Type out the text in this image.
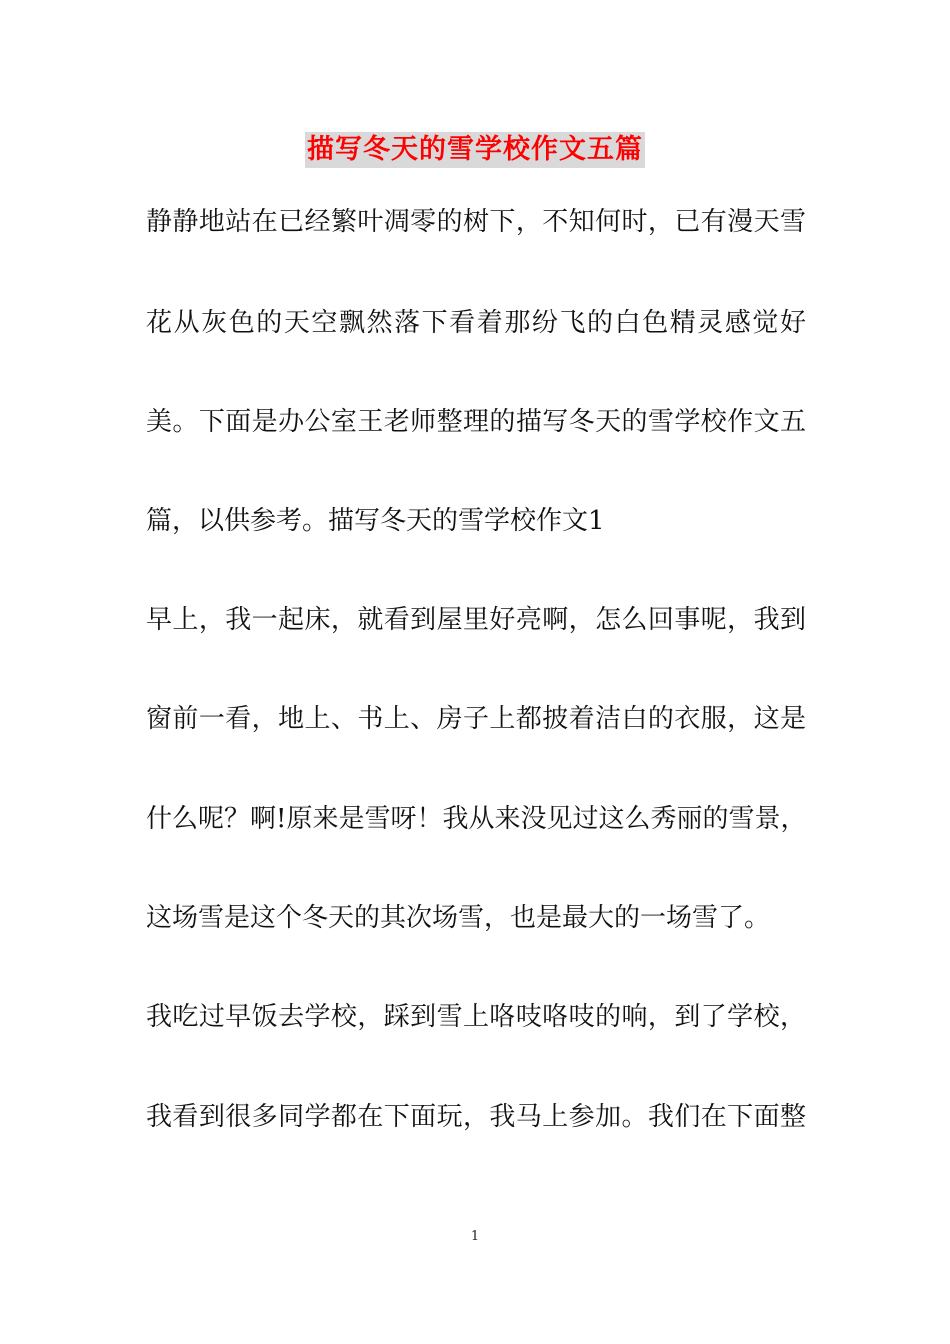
描写冬天的雪学校作文五篇
静静地站在已经繁叶凋零的树下，不知何时，已有漫天雪
花从灰色的天空飘然落下看着那纷飞的白色精灵感觉好
美。下面是办公室王老师整理的描写冬天的雪学校作文五
篇，以供参考。描写冬天的雪学校作文1
早上，我一起床，就看到屋里好亮啊，怎么回事呢，我到
窗前一看，地上、书上、房子上都披着洁白的衣服，这是
什么呢？啊!原来是雪呀！我从来没见过这么秀丽的雪景，
这场雪是这个冬天的其次场雪，也是最大的一场雪了。
我吃过早饭去学校，踩到雪上咯吱咯吱的响，到了学校，
我看到很多同学都在下面玩，我马上参加。我们在下面整
1
